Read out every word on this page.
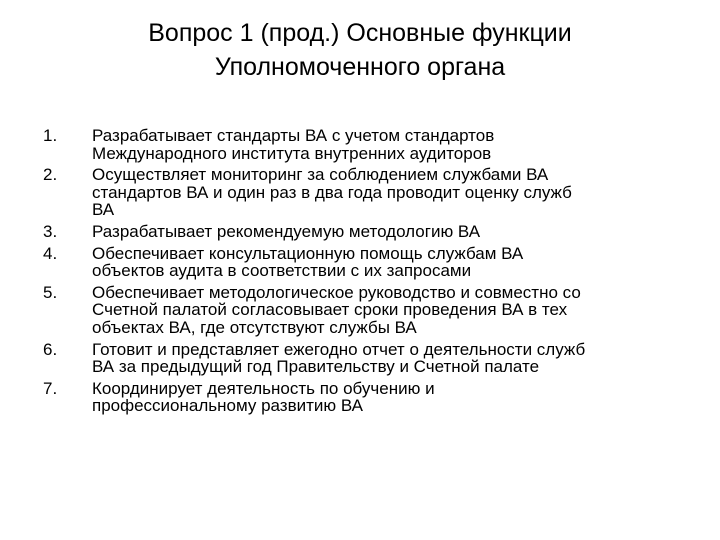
Вопрос 1 (прод.) Основные функции
Уполномоченного органа
1.	Разрабатывает стандарты ВА с учетом стандартов
Международного института внутренних аудиторов
2.	Осуществляет мониторинг за соблюдением службами ВА
стандартов ВА и один раз в два года проводит оценку служб
ВА
3.	Разрабатывает рекомендуемую методологию ВА
4.	Обеспечивает консультационную помощь службам ВА
объектов аудита в соответствии с их запросами
5.	Обеспечивает методологическое руководство и совместно со
Счетной палатой согласовывает сроки проведения ВА в тех
объектах ВА, где отсутствуют службы ВА
6.	Готовит и представляет ежегодно отчет о деятельности служб
ВА за предыдущий год Правительству и Счетной палате
7.	Координирует деятельность по обучению и
профессиональному развитию ВА
